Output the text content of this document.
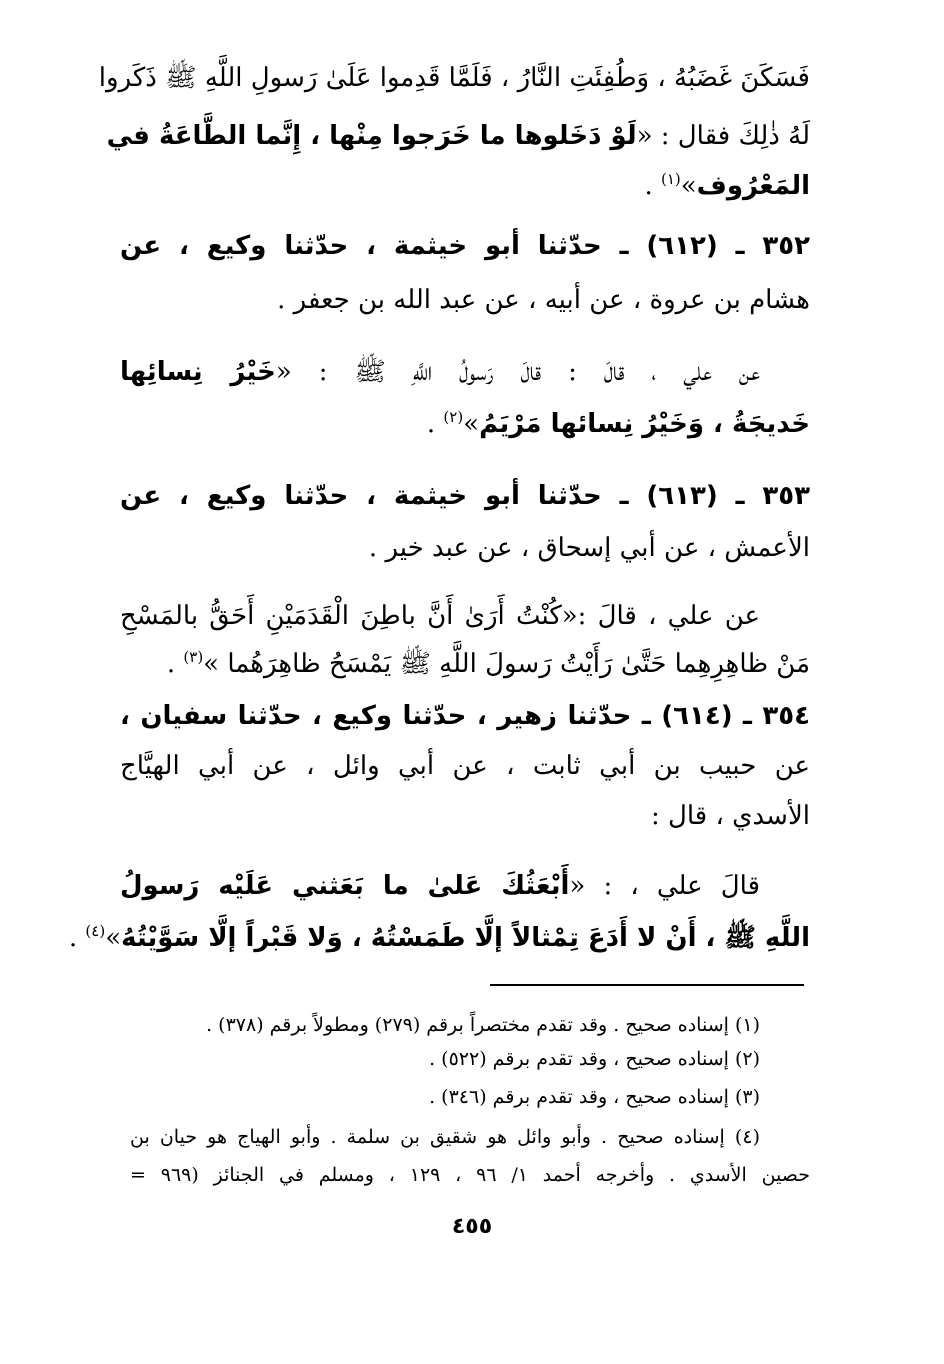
فَسَكَنَ غَضَبُهُ ، وَطُفِئَتِ النَّارُ ، فَلَمَّا قَدِموا عَلَىٰ رَسولِ اللَّهِ ﷺ ذَكَروا
لَهُ ذٰلِكَ فقال : «لَوْ دَخَلوها ما خَرَجوا مِنْها ، إِنَّما الطَّاعَةُ في
المَعْرُوف»$^{(١)}$ .
٣٥٢ ـ (٦١٢) ـ حدّثنا أبو خيثمة ، حدّثنا وكيع ، عن
هشام بن عروة ، عن أبيه ، عن عبد الله بن جعفر .
عن علي ، قالَ : قالَ رَسولُ اللَّهِ ﷺ : «خَيْرُ نِسائِها
خَديجَةُ ، وَخَيْرُ نِسائها مَرْيَمُ»$^{(٢)}$ .
٣٥٣ ـ (٦١٣) ـ حدّثنا أبو خيثمة ، حدّثنا وكيع ، عن
الأعمش ، عن أبي إسحاق ، عن عبد خير .
عن علي ، قالَ :«كُنْتُ أَرَىٰ أَنَّ باطِنَ الْقَدَمَيْنِ أَحَقُّ بالمَسْحِ
مَنْ ظاهِرِهِما حَتَّىٰ رَأَيْتُ رَسولَ اللَّهِ ﷺ يَمْسَحُ ظاهِرَهُما »$^{(٣)}$ .
٣٥٤ ـ (٦١٤) ـ حدّثنا زهير ، حدّثنا وكيع ، حدّثنا سفيان ،
عن حبيب بن أبي ثابت ، عن أبي وائل ، عن أبي الهيَّاج
الأسدي ، قال :
قالَ علي ، : «أَبْعَثُكَ عَلىٰ ما بَعَثني عَلَيْه رَسولُ
اللَّهِ ﷺ ، أَنْ لا أَدَعَ تِمْثالاً إلَّا طَمَسْتُهُ ، وَلا قَبْراً إلَّا سَوَّيْتُهُ»$^{(٤)}$ .
(١) إسناده صحيح . وقد تقدم مختصراً برقم (٢٧٩) ومطولاً برقم (٣٧٨) .
(٢) إسناده صحيح ، وقد تقدم برقم (٥٢٢) .
(٣) إسناده صحيح ، وقد تقدم برقم (٣٤٦) .
(٤) إسناده صحيح . وأبو وائل هو شقيق بن سلمة . وأبو الهياج هو حيان بن
حصين الأسدي . وأخرجه أحمد ١/ ٩٦ ، ١٢٩ ، ومسلم في الجنائز (٩٦٩ =
٤٥٥
